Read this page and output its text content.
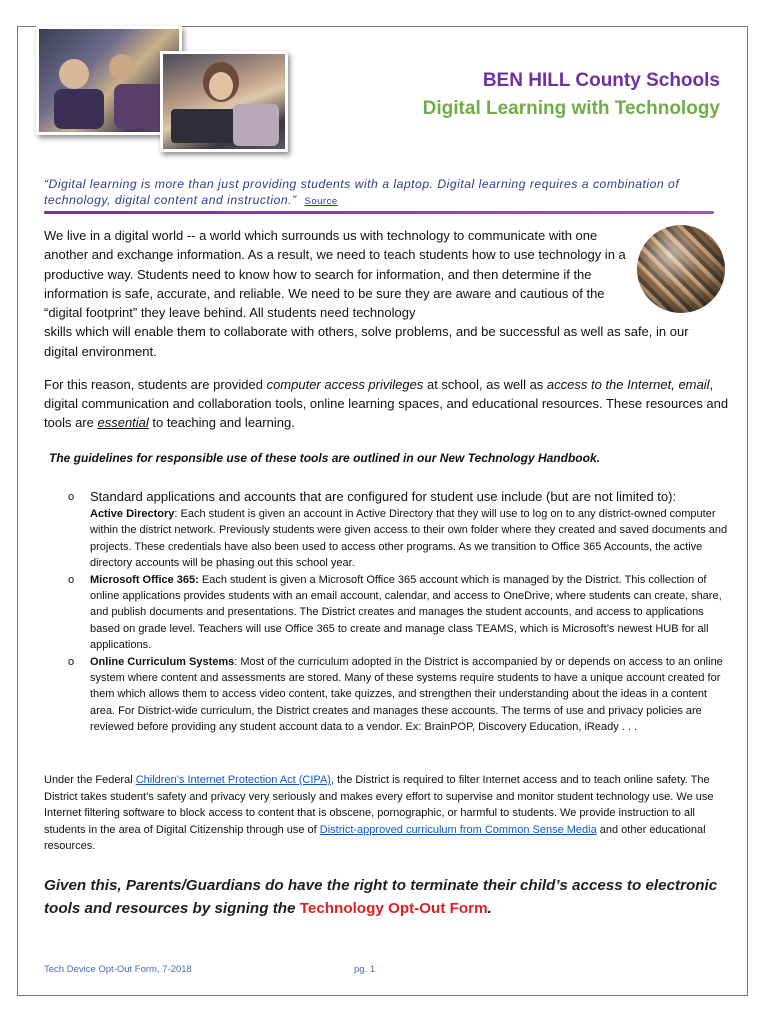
BEN HILL County Schools
Digital Learning with Technology
“Digital learning is more than just providing students with a laptop. Digital learning requires a combination of technology, digital content and instruction.” Source
We live in a digital world -- a world which surrounds us with technology to communicate with one another and exchange information. As a result, we need to teach students how to use technology in a productive way. Students need to know how to search for information, and then determine if the information is safe, accurate, and reliable. We need to be sure they are aware and cautious of the “digital footprint” they leave behind. All students need technology
skills which will enable them to collaborate with others, solve problems, and be successful as well as safe, in our digital environment.
For this reason, students are provided computer access privileges at school, as well as access to the Internet, email, digital communication and collaboration tools, online learning spaces, and educational resources. These resources and tools are essential to teaching and learning.
The guidelines for responsible use of these tools are outlined in our New Technology Handbook.
o Standard applications and accounts that are configured for student use include (but are not limited to):
Active Directory: Each student is given an account in Active Directory that they will use to log on to any district-owned computer within the district network. Previously students were given access to their own folder where they created and saved documents and projects. These credentials have also been used to access other programs. As we transition to Office 365 Accounts, the active directory accounts will be phasing out this school year.
o Microsoft Office 365: Each student is given a Microsoft Office 365 account which is managed by the District. This collection of online applications provides students with an email account, calendar, and access to OneDrive, where students can create, share, and publish documents and presentations. The District creates and manages the student accounts, and access to applications based on grade level. Teachers will use Office 365 to create and manage class TEAMS, which is Microsoft’s newest HUB for all applications.
o Online Curriculum Systems: Most of the curriculum adopted in the District is accompanied by or depends on access to an online system where content and assessments are stored. Many of these systems require students to have a unique account created for them which allows them to access video content, take quizzes, and strengthen their understanding about the ideas in a content area. For District-wide curriculum, the District creates and manages these accounts. The terms of use and privacy policies are reviewed before providing any student account data to a vendor. Ex: BrainPOP, Discovery Education, iReady . . .
Under the Federal Children’s Internet Protection Act (CIPA), the District is required to filter Internet access and to teach online safety. The District takes student’s safety and privacy very seriously and makes every effort to supervise and monitor student technology use. We use Internet filtering software to block access to content that is obscene, pornographic, or harmful to students. We provide instruction to all students in the area of Digital Citizenship through use of District-approved curriculum from Common Sense Media and other educational resources.
Given this, Parents/Guardians do have the right to terminate their child’s access to electronic tools and resources by signing the Technology Opt-Out Form.
Tech Device Opt-Out Form, 7-2018	pg. 1
